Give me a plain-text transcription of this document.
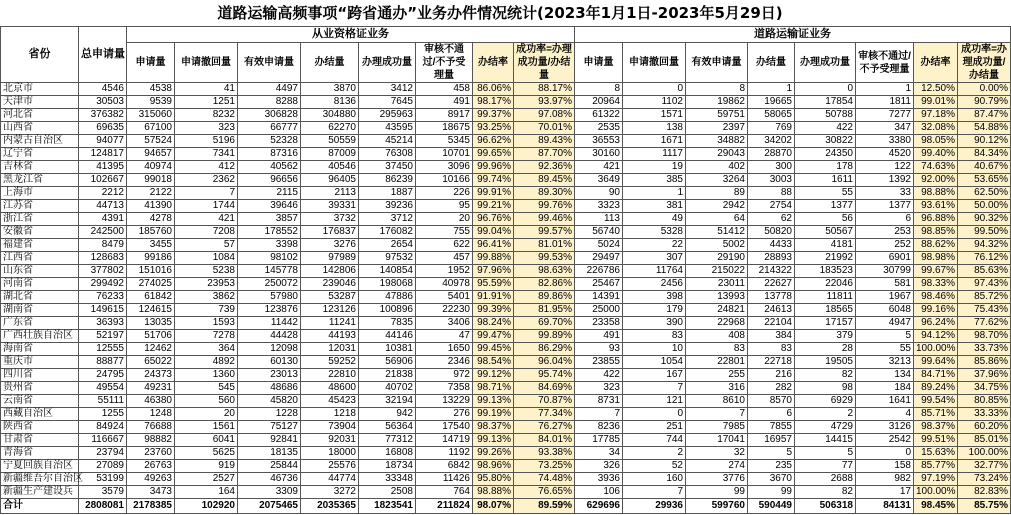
道路运输高频事项“跨省通办”业务办件情况统计(2023年1月1日-2023年5月29日)
省份	总申请量	从业资格证业务								道路运输证业务							
		申请量	申请撤回量	有效申请量	办结量	办理成功量	审核不通过/不予受理量	办结率	成功率=办理成功量/办结量	申请量	申请撤回量	有效申请量	办结量	办理成功量	审核不通过/不予受理量	办结率	成功率=办理成功量/办结量
北京市	4546	4538	41	4497	3870	3412	458	86.06%	88.17%	8	0	8	1	0	1	12.50%	0.00%
天津市	30503	9539	1251	8288	8136	7645	491	98.17%	93.97%	20964	1102	19862	19665	17854	1811	99.01%	90.79%
河北省	376382	315060	8232	306828	304880	295963	8917	99.37%	97.08%	61322	1571	59751	58065	50788	7277	97.18%	87.47%
山西省	69635	67100	323	66777	62270	43595	18675	93.25%	70.01%	2535	138	2397	769	422	347	32.08%	54.88%
内蒙古自治区	94077	57524	5196	52328	50559	45214	5345	96.62%	89.43%	36553	1671	34882	34202	30822	3380	98.05%	90.12%
辽宁省	124817	94657	7341	87316	87009	76308	10701	99.65%	87.70%	30160	1117	29043	28870	24350	4520	99.40%	84.34%
吉林省	41395	40974	412	40562	40546	37450	3096	99.96%	92.36%	421	19	402	300	178	122	74.63%	40.67%
黑龙江省	102667	99018	2362	96656	96405	86239	10166	99.74%	89.45%	3649	385	3264	3003	1611	1392	92.00%	53.65%
上海市	2212	2122	7	2115	2113	1887	226	99.91%	89.30%	90	1	89	88	55	33	98.88%	62.50%
江苏省	44713	41390	1744	39646	39331	39236	95	99.21%	99.76%	3323	381	2942	2754	1377	1377	93.61%	50.00%
浙江省	4391	4278	421	3857	3732	3712	20	96.76%	99.46%	113	49	64	62	56	6	96.88%	90.32%
安徽省	242500	185760	7208	178552	176837	176082	755	99.04%	99.57%	56740	5328	51412	50820	50567	253	98.85%	99.50%
福建省	8479	3455	57	3398	3276	2654	622	96.41%	81.01%	5024	22	5002	4433	4181	252	88.62%	94.32%
江西省	128683	99186	1084	98102	97989	97532	457	99.88%	99.53%	29497	307	29190	28893	21992	6901	98.98%	76.12%
山东省	377802	151016	5238	145778	142806	140854	1952	97.96%	98.63%	226786	11764	215022	214322	183523	30799	99.67%	85.63%
河南省	299492	274025	23953	250072	239046	198068	40978	95.59%	82.86%	25467	2456	23011	22627	22046	581	98.33%	97.43%
湖北省	76233	61842	3862	57980	53287	47886	5401	91.91%	89.86%	14391	398	13993	13778	11811	1967	98.46%	85.72%
湖南省	149615	124615	739	123876	123126	100896	22230	99.39%	81.95%	25000	179	24821	24613	18565	6048	99.16%	75.43%
广东省	36393	13035	1593	11442	11241	7835	3406	98.24%	69.70%	23358	390	22968	22104	17157	4947	96.24%	77.62%
广西壮族自治区	52197	51706	7278	44428	44193	44146	47	99.47%	99.89%	491	83	408	384	379	5	94.12%	98.70%
海南省	12555	12462	364	12098	12031	10381	1650	99.45%	86.29%	93	10	83	83	28	55	100.00%	33.73%
重庆市	88877	65022	4892	60130	59252	56906	2346	98.54%	96.04%	23855	1054	22801	22718	19505	3213	99.64%	85.86%
四川省	24795	24373	1360	23013	22810	21838	972	99.12%	95.74%	422	167	255	216	82	134	84.71%	37.96%
贵州省	49554	49231	545	48686	48600	40702	7358	98.71%	84.69%	323	7	316	282	98	184	89.24%	34.75%
云南省	55111	46380	560	45820	45423	32194	13229	99.13%	70.87%	8731	121	8610	8570	6929	1641	99.54%	80.85%
西藏自治区	1255	1248	20	1228	1218	942	276	99.19%	77.34%	7	0	7	6	2	4	85.71%	33.33%
陕西省	84924	76688	1561	75127	73904	56364	17540	98.37%	76.27%	8236	251	7985	7855	4729	3126	98.37%	60.20%
甘肃省	116667	98882	6041	92841	92031	77312	14719	99.13%	84.01%	17785	744	17041	16957	14415	2542	99.51%	85.01%
青海省	23794	23760	5625	18135	18000	16808	1192	99.26%	93.38%	34	2	32	5	5	0	15.63%	100.00%
宁夏回族自治区	27089	26763	919	25844	25576	18734	6842	98.96%	73.25%	326	52	274	235	77	158	85.77%	32.77%
新疆维吾尔自治区	53199	49263	2527	46736	44774	33348	11426	95.80%	74.48%	3936	160	3776	3670	2688	982	97.19%	73.24%
新疆生产建设兵	3579	3473	164	3309	3272	2508	764	98.88%	76.65%	106	7	99	99	82	17	100.00%	82.83%
合计	2808081	2178385	102920	2075465	2035365	1823541	211824	98.07%	89.59%	629696	29936	599760	590449	506318	84131	98.45%	85.75%
